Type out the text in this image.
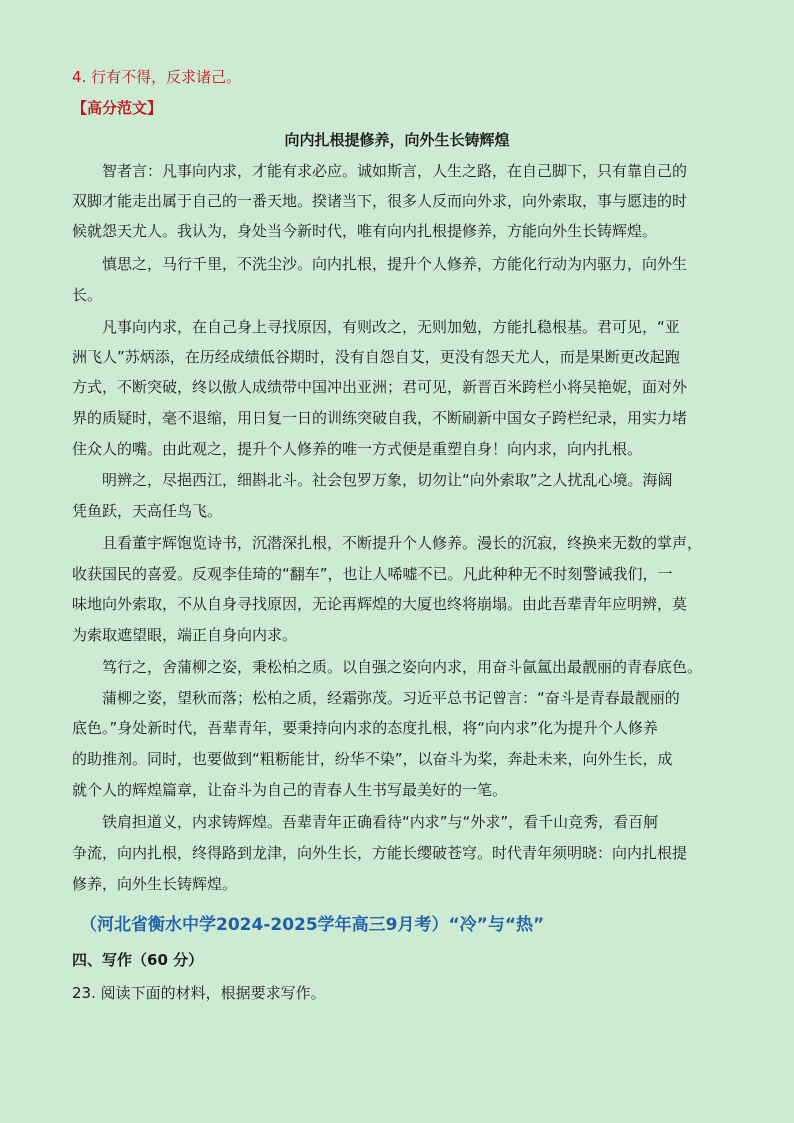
4. 行有不得，反求诸己。
【高分范文】
向内扎根提修养，向外生长铸辉煌
智者言：凡事向内求，才能有求必应。诚如斯言，人生之路，在自己脚下，只有靠自己的
双脚才能走出属于自己的一番天地。揆诸当下，很多人反而向外求，向外索取，事与愿违的时
候就怨天尤人。我认为，身处当今新时代，唯有向内扎根提修养，方能向外生长铸辉煌。
慎思之，马行千里，不洗尘沙。向内扎根，提升个人修养，方能化行动为内驱力，向外生
长。
凡事向内求，在自己身上寻找原因，有则改之，无则加勉，方能扎稳根基。君可见，“亚
洲飞人”苏炳添，在历经成绩低谷期时，没有自怨自艾，更没有怨天尤人，而是果断更改起跑
方式，不断突破，终以傲人成绩带中国冲出亚洲；君可见，新晋百米跨栏小将吴艳妮，面对外
界的质疑时，毫不退缩，用日复一日的训练突破自我，不断刷新中国女子跨栏纪录，用实力堵
住众人的嘴。由此观之，提升个人修养的唯一方式便是重塑自身！向内求，向内扎根。
明辨之，尽挹西江，细斟北斗。社会包罗万象，切勿让“向外索取”之人扰乱心境。海阔
凭鱼跃，天高任鸟飞。
且看董宇辉饱览诗书，沉潜深扎根，不断提升个人修养。漫长的沉寂，终换来无数的掌声，
收获国民的喜爱。反观李佳琦的“翻车”，也让人唏嘘不已。凡此种种无不时刻警诫我们，一
味地向外索取，不从自身寻找原因，无论再辉煌的大厦也终将崩塌。由此吾辈青年应明辨，莫
为索取遮望眼，端正自身向内求。
笃行之，舍蒲柳之姿，秉松柏之质。以自强之姿向内求，用奋斗氤氲出最靓丽的青春底色。
蒲柳之姿，望秋而落；松柏之质，经霜弥茂。习近平总书记曾言：“奋斗是青春最靓丽的
底色。”身处新时代，吾辈青年，要秉持向内求的态度扎根，将“向内求”化为提升个人修养
的助推剂。同时，也要做到“粗粝能甘，纷华不染”，以奋斗为桨，奔赴未来，向外生长，成
就个人的辉煌篇章，让奋斗为自己的青春人生书写最美好的一笔。
铁肩担道义，内求铸辉煌。吾辈青年正确看待“内求”与“外求”，看千山竞秀，看百舸
争流，向内扎根，终得路到龙津，向外生长，方能长缨破苍穹。时代青年须明晓：向内扎根提
修养，向外生长铸辉煌。
（河北省衡水中学2024-2025学年高三9月考）“冷”与“热”
四、写作（60 分）
23. 阅读下面的材料，根据要求写作。
